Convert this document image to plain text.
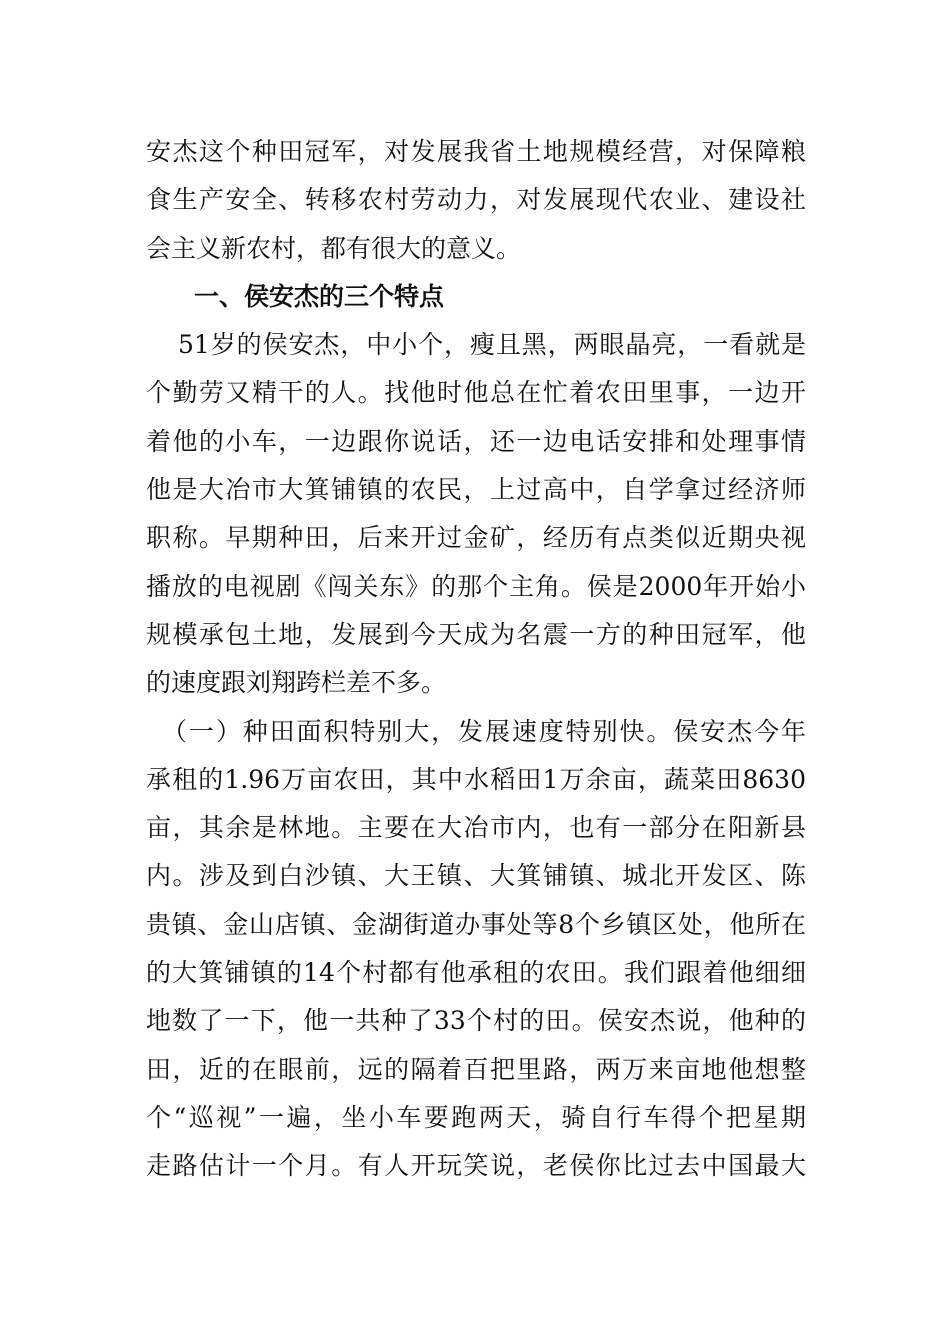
安杰这个种田冠军，对发展我省土地规模经营，对保障粮
食生产安全、转移农村劳动力，对发展现代农业、建设社
会主义新农村，都有很大的意义。
一、侯安杰的三个特点
51岁的侯安杰，中小个，瘦且黑，两眼晶亮，一看就是
个勤劳又精干的人。找他时他总在忙着农田里事，一边开
着他的小车，一边跟你说话，还一边电话安排和处理事情
他是大冶市大箕铺镇的农民，上过高中，自学拿过经济师
职称。早期种田，后来开过金矿，经历有点类似近期央视
播放的电视剧《闯关东》的那个主角。侯是2000年开始小
规模承包土地，发展到今天成为名震一方的种田冠军，他
的速度跟刘翔跨栏差不多。
（一）种田面积特别大，发展速度特别快。侯安杰今年
承租的1.96万亩农田，其中水稻田1万余亩，蔬菜田8630
亩，其余是林地。主要在大冶市内，也有一部分在阳新县
内。涉及到白沙镇、大王镇、大箕铺镇、城北开发区、陈
贵镇、金山店镇、金湖街道办事处等8个乡镇区处，他所在
的大箕铺镇的14个村都有他承租的农田。我们跟着他细细
地数了一下，他一共种了33个村的田。侯安杰说，他种的
田，近的在眼前，远的隔着百把里路，两万来亩地他想整
个“巡视”一遍，坐小车要跑两天，骑自行车得个把星期
走路估计一个月。有人开玩笑说，老侯你比过去中国最大
